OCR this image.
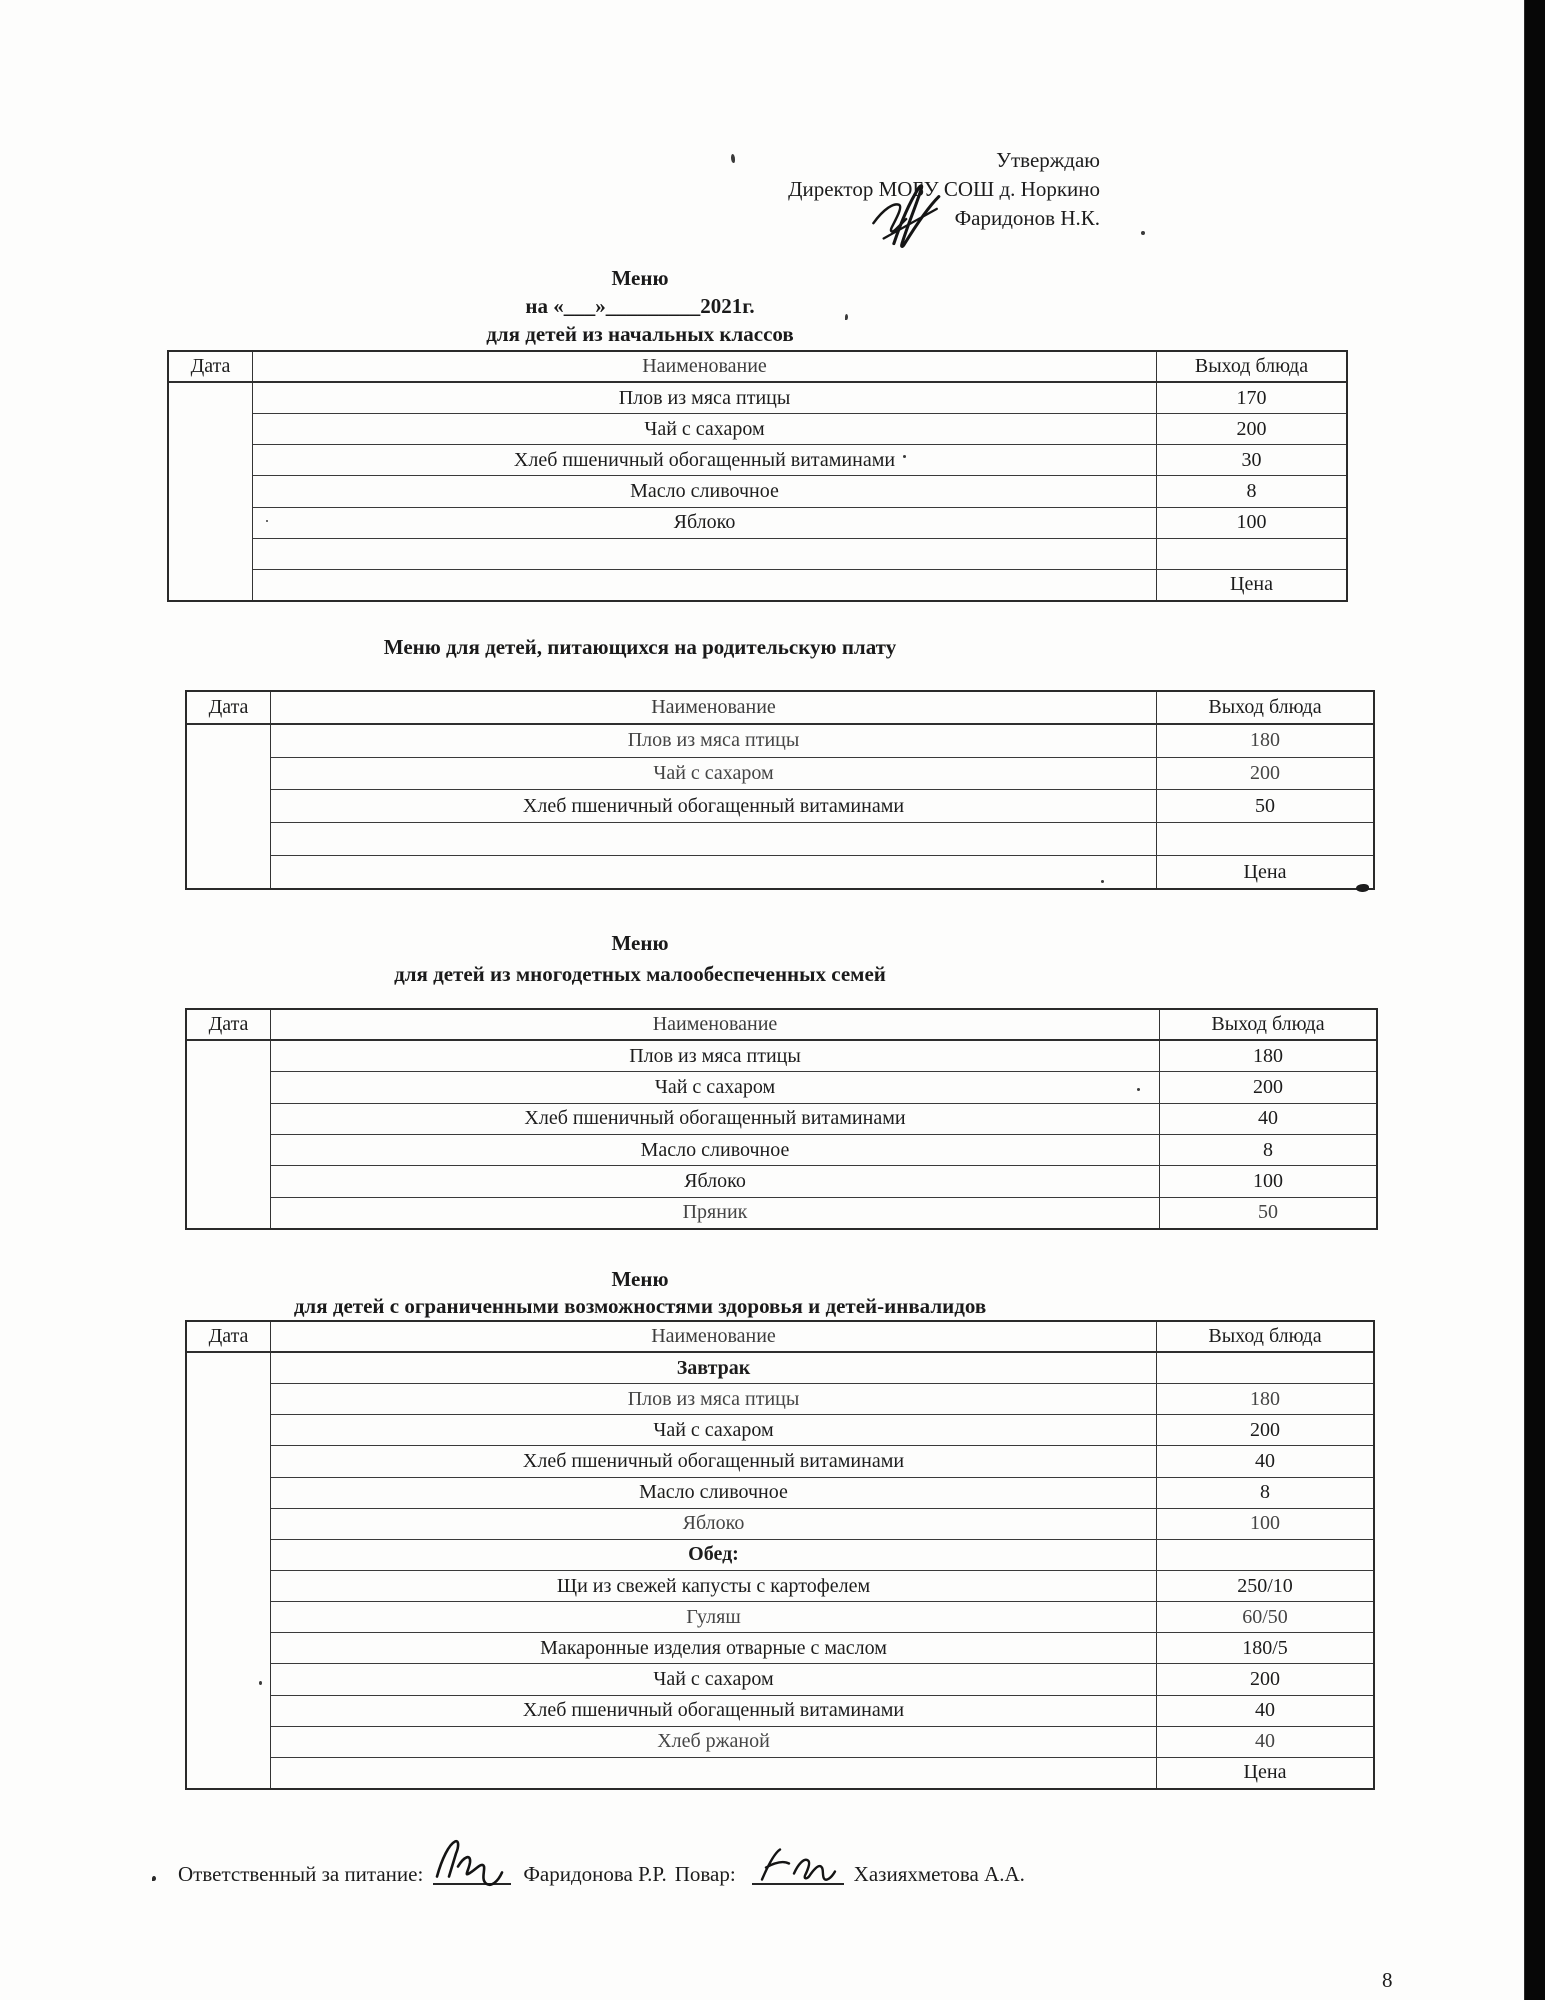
Утверждаю
Директор МОБУ СОШ д. Норкино
Фаридонов Н.К.
Меню
на «___»_________2021г.
для детей из начальных классов
Дата	Наименование	Выход блюда
Плов из мяса птицы	170
Чай с сахаром	200
Хлеб пшеничный обогащенный витаминами	30
Масло сливочное	8
Яблоко	100
Цена
Меню для детей, питающихся на родительскую плату
Дата	Наименование	Выход блюда
Плов из мяса птицы	180
Чай с сахаром	200
Хлеб пшеничный обогащенный витаминами	50
Цена
Меню
для детей из многодетных малообеспеченных семей
Дата	Наименование	Выход блюда
Плов из мяса птицы	180
Чай с сахаром	200
Хлеб пшеничный обогащенный витаминами	40
Масло сливочное	8
Яблоко	100
Пряник	50
Меню
для детей с ограниченными возможностями здоровья и детей-инвалидов
Дата	Наименование	Выход блюда
Завтрак
Плов из мяса птицы	180
Чай с сахаром	200
Хлеб пшеничный обогащенный витаминами	40
Масло сливочное	8
Яблоко	100
Обед:
Щи из свежей капусты с картофелем	250/10
Гуляш	60/50
Макаронные изделия отварные с маслом	180/5
Чай с сахаром	200
Хлеб пшеничный обогащенный витаминами	40
Хлеб ржаной	40
Цена
Ответственный за питание:	Фаридонова Р.Р. Повар:	Хазияхметова А.А.
8
